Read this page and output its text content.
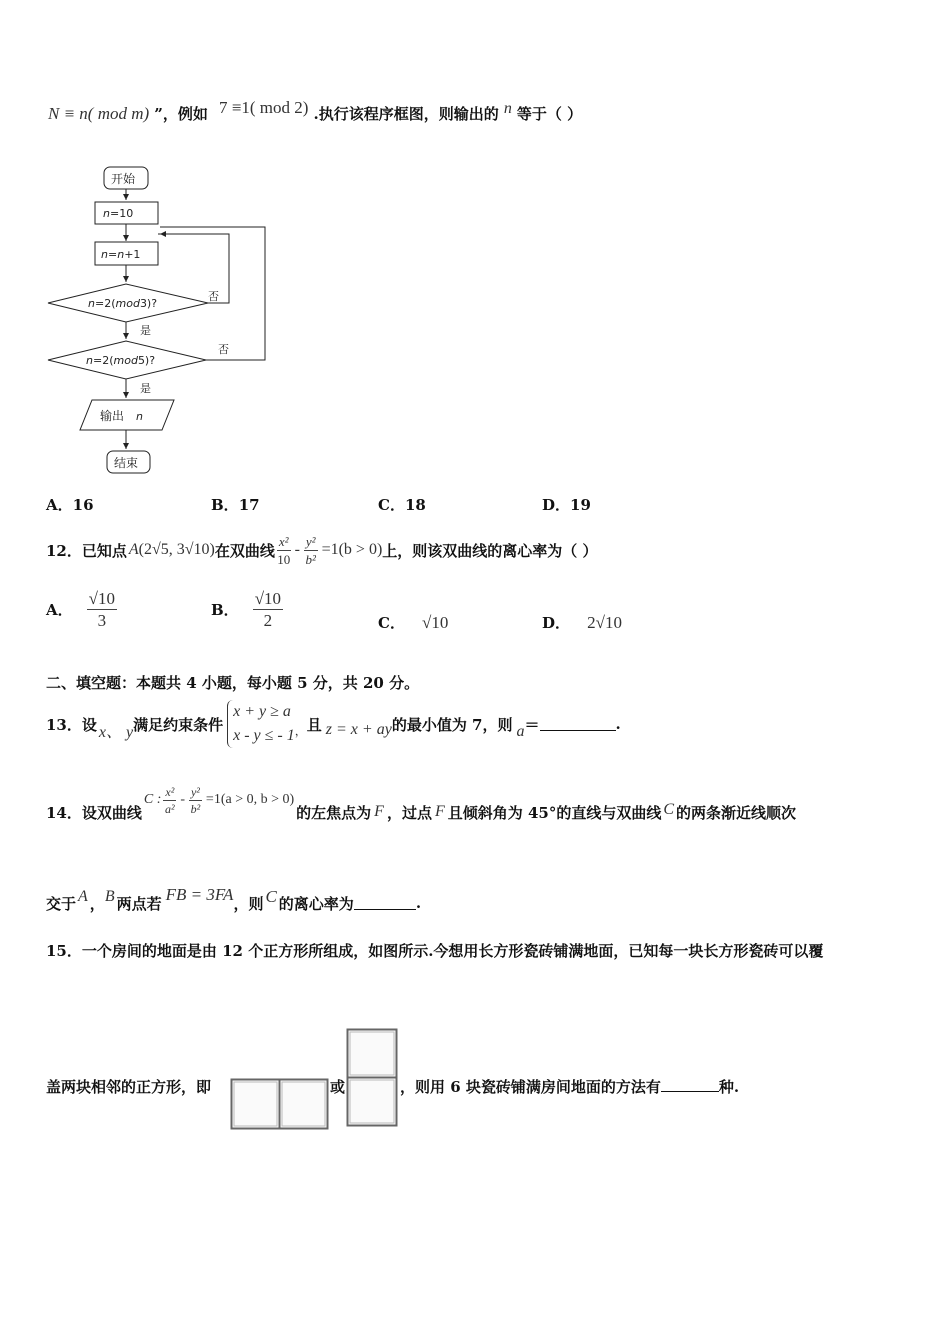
N ≡ n( mod m) ”，例如 7 ≡1( mod 2) .执行该程序框图，则输出的 n 等于（ ）
开始
n=10
n=n+1
n=2(mod3)?
n=2(mod5)?
否
否
是
是
输出 n
结束
A．16	B．17	C．18	D．19
12．已知点 A (2√5, 3√10) 在双曲线 $\frac{\text{x²}}{10} - \frac{\text{y²}}{\text{b²}} =1(b > 0)$ 上，则该双曲线的离心率为（ ）
A． $\frac{√10}{3}$	B． $\frac{√10}{2}$	C． √10	D． 2√10
二、填空题：本题共 4 小题，每小题 5 分，共 20 分。
13．设 x、 y 满足约束条件
x + y ≥ a
x - y ≤ - 1 ， 且 z = x + ay 的最小值为 7，则 a ＝	.
14．设双曲线
C : $\frac{\text{x²}}{\text{a²}} - \frac{\text{y²}}{\text{b²}} =1(a > 0$, b > 0)
的左焦点为 F ，过点 F 且倾斜角为 45°的直线与双曲线 C 的两条渐近线顺次
交于 A ， B 两点若 FB = 3FA ，则 C 的离心率为	.
15．一个房间的地面是由 12 个正方形所组成，如图所示.今想用长方形瓷砖铺满地面，已知每一块长方形瓷砖可以覆
盖两块相邻的正方形，即	或	，则用 6 块瓷砖铺满房间地面的方法有	种.
